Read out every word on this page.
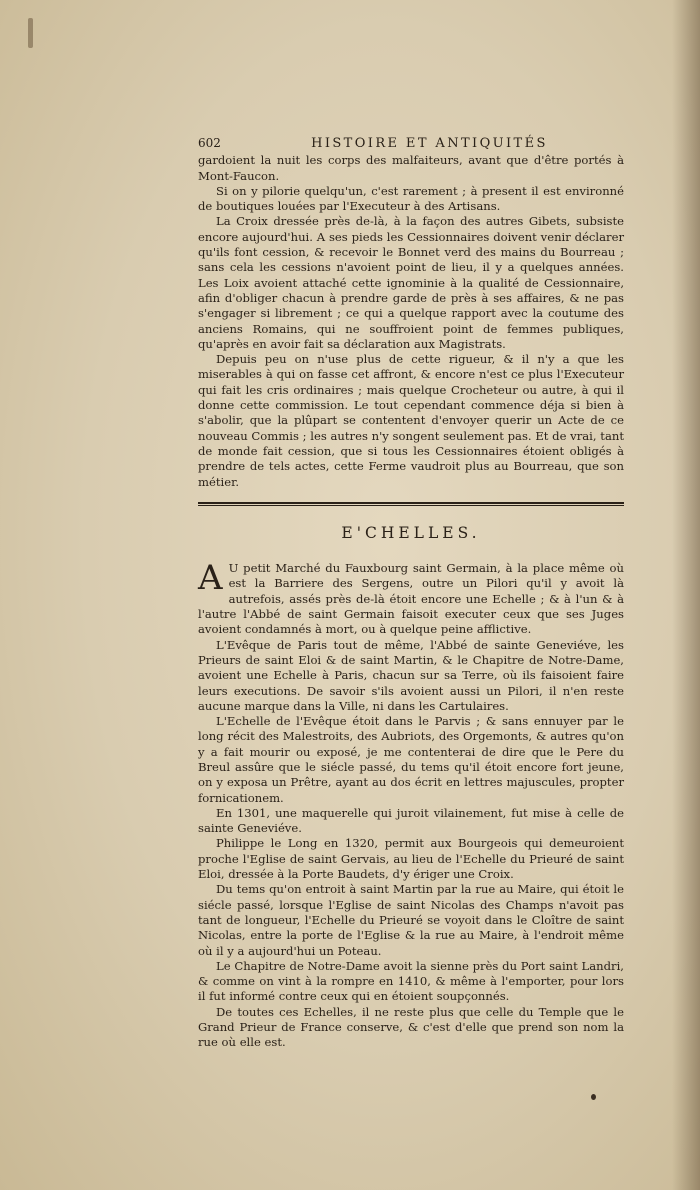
602	HISTOIRE ET ANTIQUITÉS

gardoient la nuit les corps des malfaiteurs, avant que d'être portés à Mont-Faucon.

Si on y pilorie quelqu'un, c'est rarement ; à present il est environné de boutiques louées par l'Executeur à des Artisans.

La Croix dressée près de-là, à la façon des autres Gibets, subsiste encore aujourd'hui. A ses pieds les Cessionnaires doivent venir déclarer qu'ils font cession, & recevoir le Bonnet verd des mains du Bourreau ; sans cela les cessions n'avoient point de lieu, il y a quelques années. Les Loix avoient attaché cette ignominie à la qualité de Cessionnaire, afin d'obliger chacun à prendre garde de près à ses affaires, & ne pas s'engager si librement ; ce qui a quelque rapport avec la coutume des anciens Romains, qui ne souffroient point de femmes publiques, qu'après en avoir fait sa déclaration aux Magistrats.

Depuis peu on n'use plus de cette rigueur, & il n'y a que les miserables à qui on fasse cet affront, & encore n'est ce plus l'Executeur qui fait les cris ordinaires ; mais quelque Crocheteur ou autre, à qui il donne cette commission. Le tout cependant commence déja si bien à s'abolir, que la plûpart se contentent d'envoyer querir un Acte de ce nouveau Commis ; les autres n'y songent seulement pas. Et de vrai, tant de monde fait cession, que si tous les Cessionnaires étoient obligés à prendre de tels actes, cette Ferme vaudroit plus au Bourreau, que son métier.

E'CHELLES.

A U petit Marché du Fauxbourg saint Germain, à la place même où est la Barriere des Sergens, outre un Pilori qu'il y avoit là autrefois, assés près de-là étoit encore une Echelle ; & à l'un & à l'autre l'Abbé de saint Germain faisoit executer ceux que ses Juges avoient condamnés à mort, ou à quelque peine afflictive.

L'Evêque de Paris tout de même, l'Abbé de sainte Geneviéve, les Prieurs de saint Eloi & de saint Martin, & le Chapitre de Notre-Dame, avoient une Echelle à Paris, chacun sur sa Terre, où ils faisoient faire leurs executions. De savoir s'ils avoient aussi un Pilori, il n'en reste aucune marque dans la Ville, ni dans les Cartulaires.

L'Echelle de l'Evêque étoit dans le Parvis ; & sans ennuyer par le long récit des Malestroits, des Aubriots, des Orgemonts, & autres qu'on y a fait mourir ou exposé, je me contenterai de dire que le Pere du Breul assûre que le siécle passé, du tems qu'il étoit encore fort jeune, on y exposa un Prêtre, ayant au dos écrit en lettres majuscules, propter fornicationem.

En 1301, une maquerelle qui juroit vilainement, fut mise à celle de sainte Geneviéve.

Philippe le Long en 1320, permit aux Bourgeois qui demeuroient proche l'Eglise de saint Gervais, au lieu de l'Echelle du Prieuré de saint Eloi, dressée à la Porte Baudets, d'y ériger une Croix.

Du tems qu'on entroit à saint Martin par la rue au Maire, qui étoit le siécle passé, lorsque l'Eglise de saint Nicolas des Champs n'avoit pas tant de longueur, l'Echelle du Prieuré se voyoit dans le Cloître de saint Nicolas, entre la porte de l'Eglise & la rue au Maire, à l'endroit même où il y a aujourd'hui un Poteau.

Le Chapitre de Notre-Dame avoit la sienne près du Port saint Landri, & comme on vint à la rompre en 1410, & même à l'emporter, pour lors il fut informé contre ceux qui en étoient soupçonnés.

De toutes ces Echelles, il ne reste plus que celle du Temple que le Grand Prieur de France conserve, & c'est d'elle que prend son nom la rue où elle est.
